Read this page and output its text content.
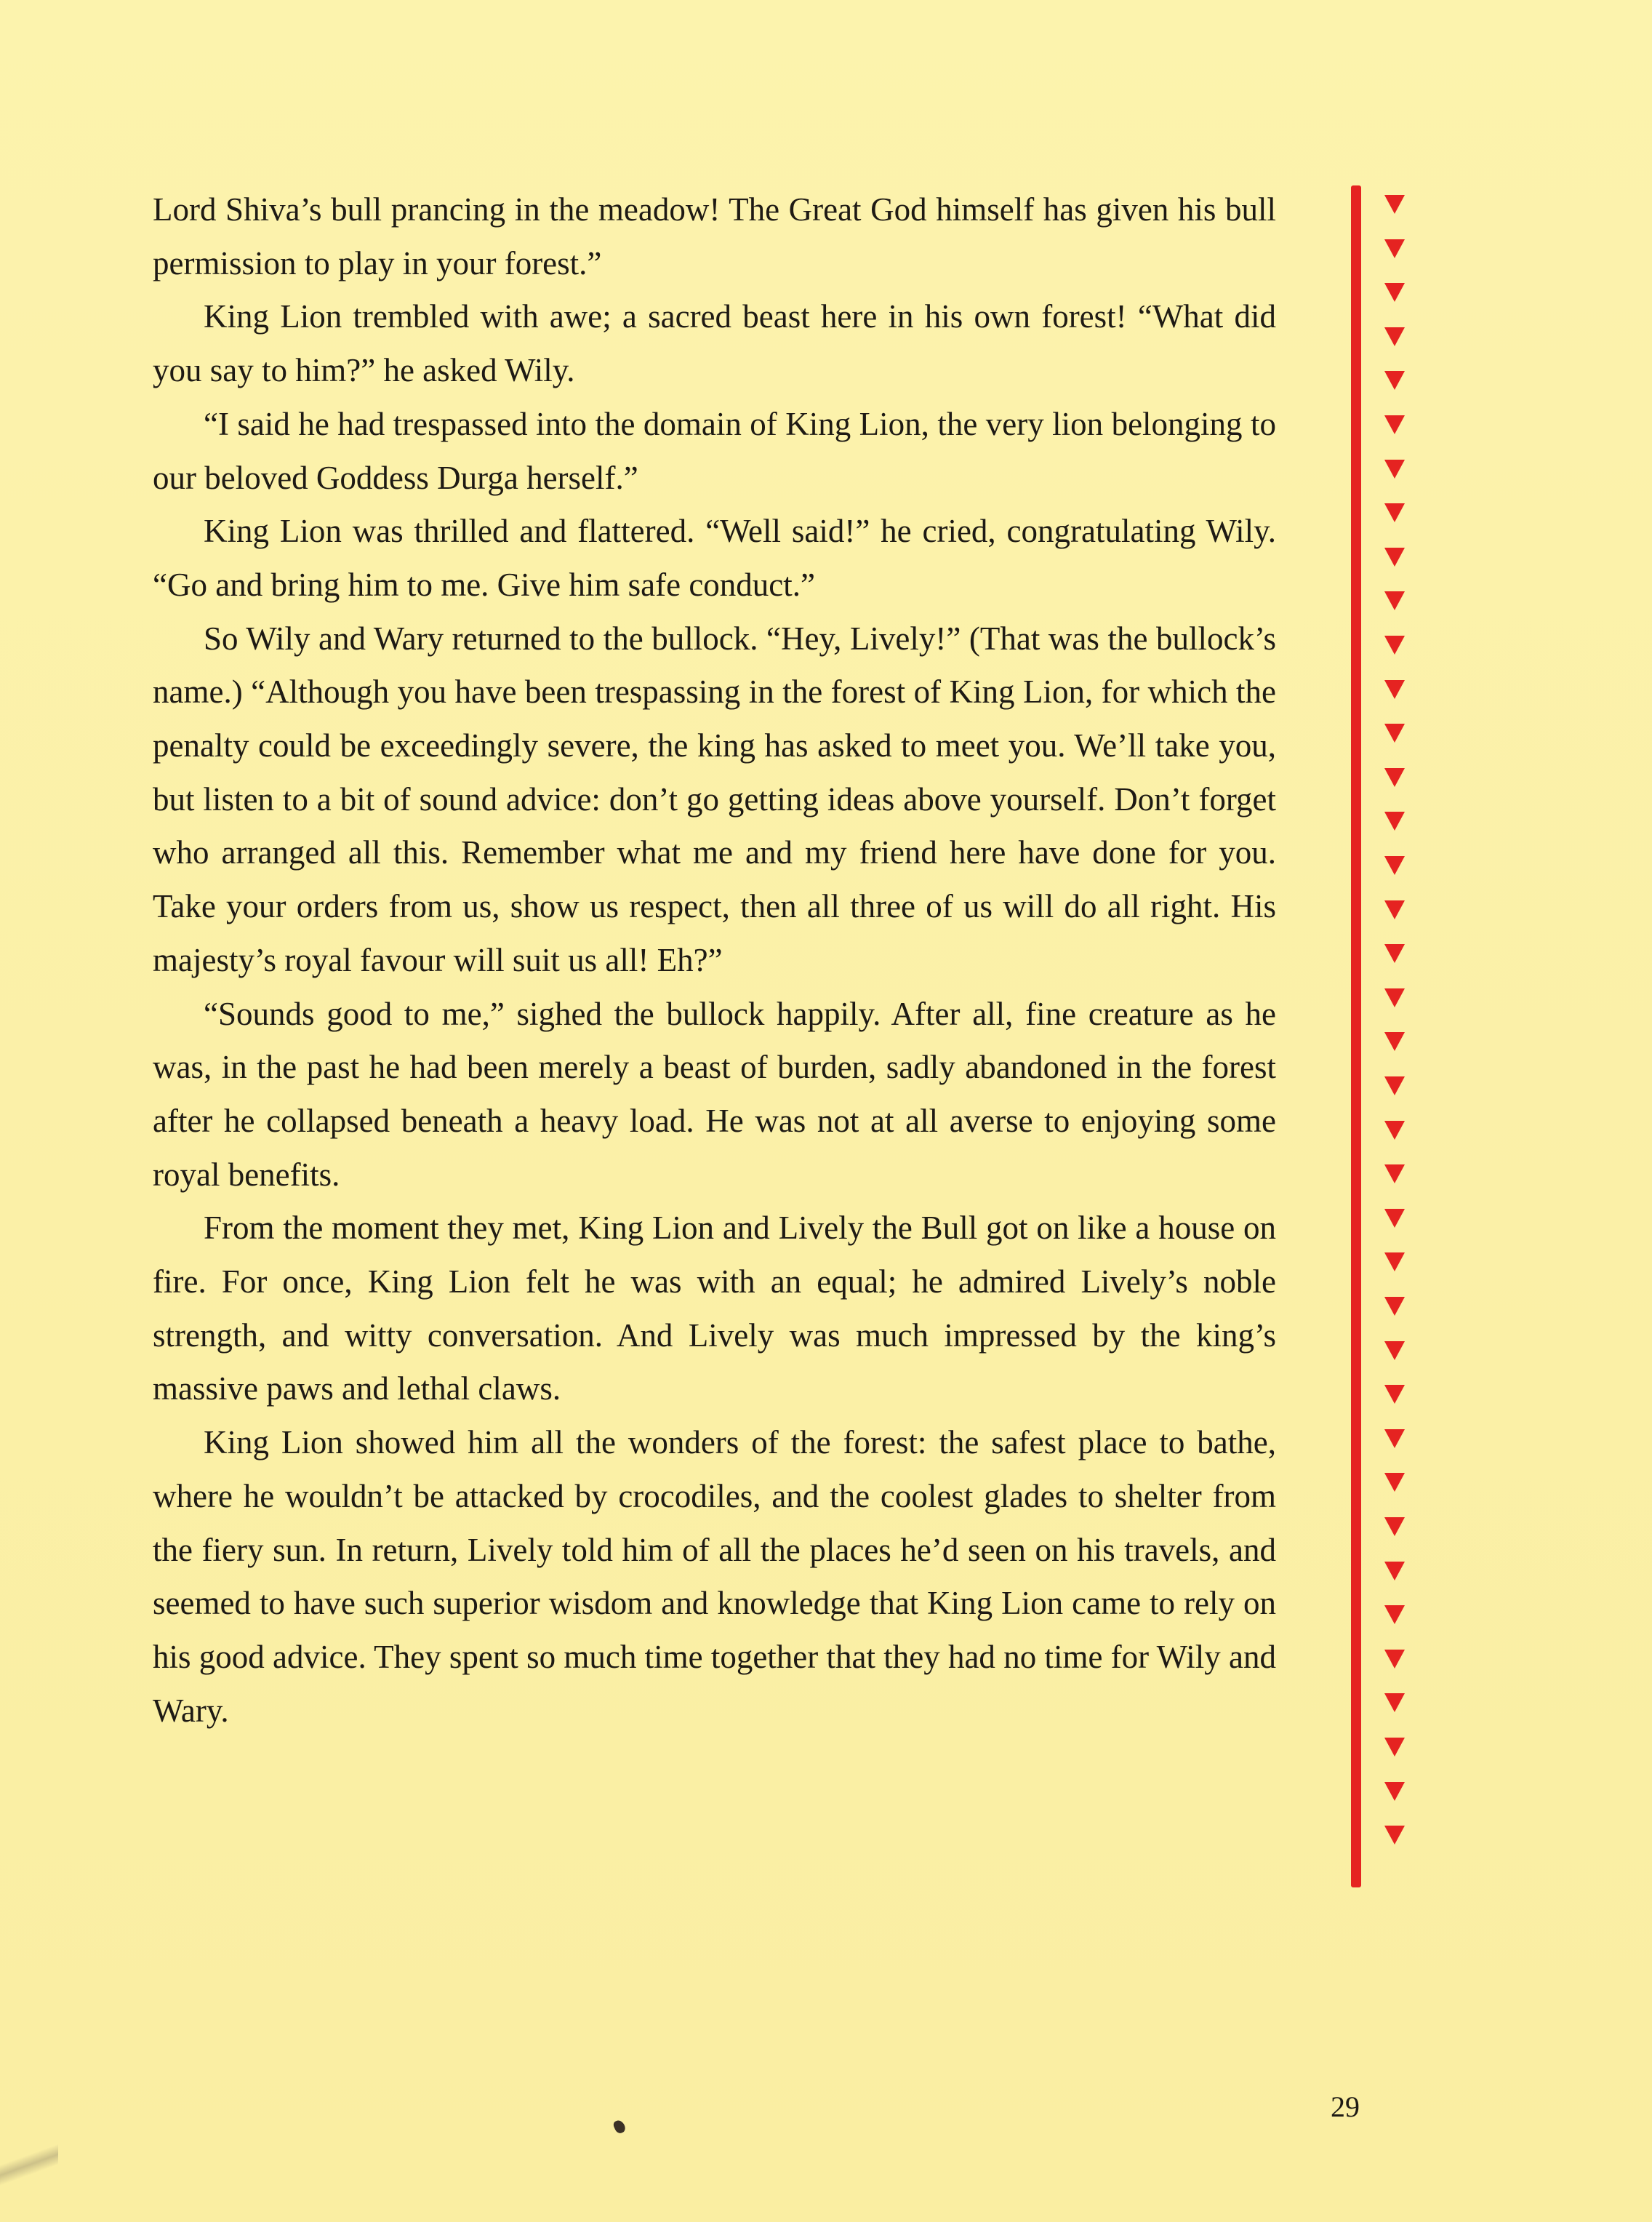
Lord Shiva’s bull prancing in the meadow! The Great God himself has given his bull permission to play in your forest.”

King Lion trembled with awe; a sacred beast here in his own forest! “What did you say to him?” he asked Wily.

“I said he had trespassed into the domain of King Lion, the very lion belonging to our beloved Goddess Durga herself.”

King Lion was thrilled and flattered. “Well said!” he cried, congratulating Wily. “Go and bring him to me. Give him safe conduct.”

So Wily and Wary returned to the bullock. “Hey, Lively!” (That was the bullock’s name.) “Although you have been trespassing in the forest of King Lion, for which the penalty could be exceedingly severe, the king has asked to meet you. We’ll take you, but listen to a bit of sound advice: don’t go getting ideas above yourself. Don’t forget who arranged all this. Remember what me and my friend here have done for you. Take your orders from us, show us respect, then all three of us will do all right. His majesty’s royal favour will suit us all! Eh?”

“Sounds good to me,” sighed the bullock happily. After all, fine creature as he was, in the past he had been merely a beast of burden, sadly abandoned in the forest after he collapsed beneath a heavy load. He was not at all averse to enjoying some royal benefits.

From the moment they met, King Lion and Lively the Bull got on like a house on fire. For once, King Lion felt he was with an equal; he admired Lively’s noble strength, and witty conversation. And Lively was much impressed by the king’s massive paws and lethal claws.

King Lion showed him all the wonders of the forest: the safest place to bathe, where he wouldn’t be attacked by crocodiles, and the coolest glades to shelter from the fiery sun. In return, Lively told him of all the places he’d seen on his travels, and seemed to have such superior wisdom and knowledge that King Lion came to rely on his good advice. They spent so much time together that they had no time for Wily and Wary.

29
